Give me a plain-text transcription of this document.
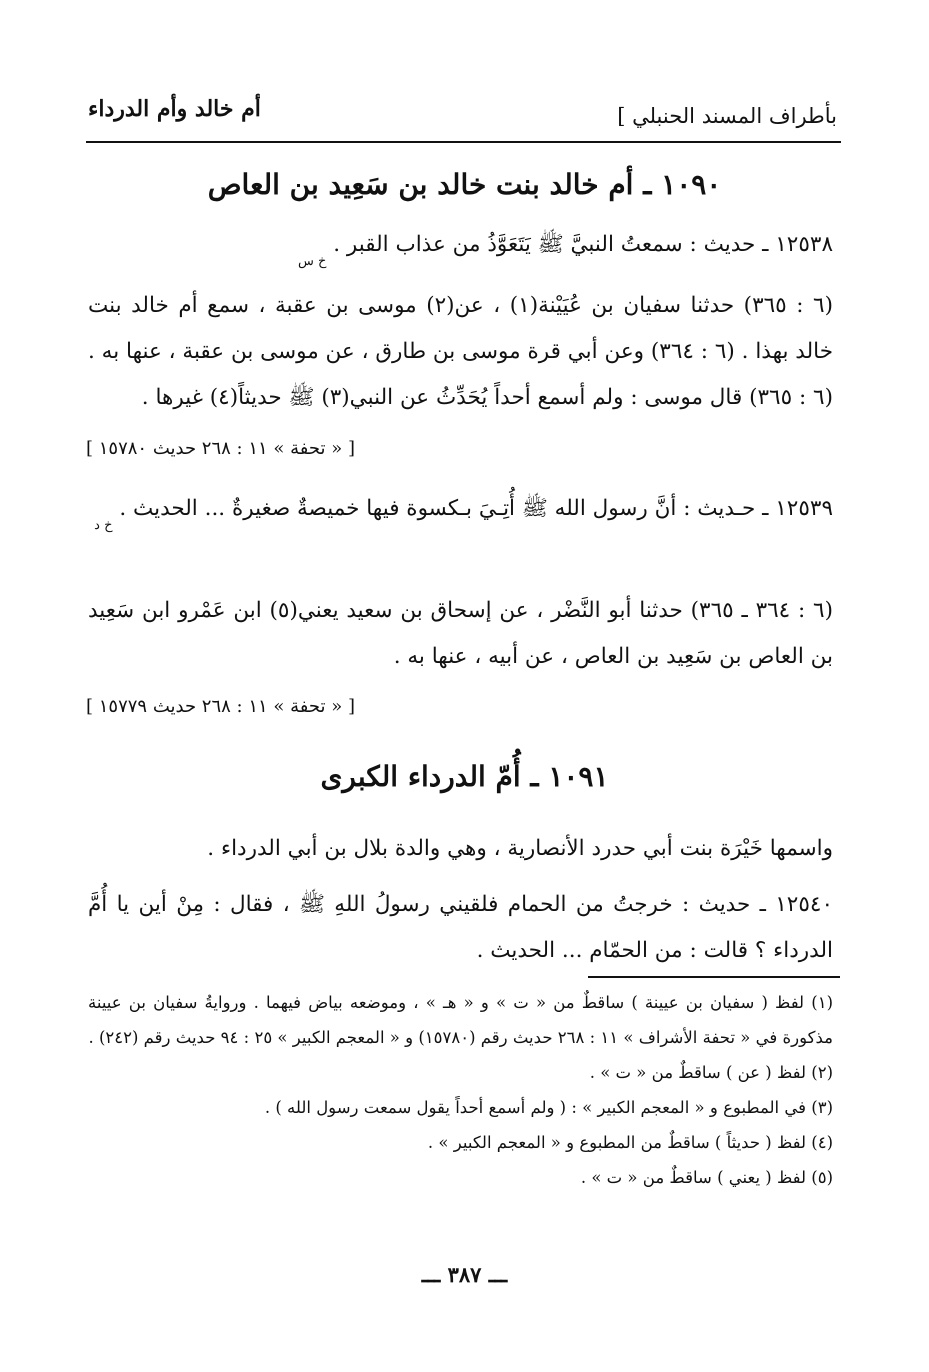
أم خالد وأم الدرداء	بأطراف المسند الحنبلي ]
١٠٩٠ ـ أم خالد بنت خالد بن سَعِيد بن العاص
١٢٥٣٨ ـ حديث : سمعتُ النبيَّ ﷺ يَتَعَوَّذُ من عذاب القبر . خ س
(٦ : ٣٦٥) حدثنا سفيان بن عُيَيْنة(١) ، عن(٢) موسى بن عقبة ، سمع أم خالد بنت خالد بهذا . (٦ : ٣٦٤) وعن أبي قرة موسى بن طارق ، عن موسى بن عقبة ، عنها به . (٦ : ٣٦٥) قال موسى : ولم أسمع أحداً يُحَدِّثُ عن النبي(٣) ﷺ حديثاً(٤) غيرها .
[ « تحفة » ١١ : ٢٦٨ حديث ١٥٧٨٠ ]
١٢٥٣٩ ـ حـديث : أنَّ رسول الله ﷺ أُتِـيَ بـكسوة فيها خميصةٌ صغيرةٌ ... الحديث . خ د
(٦ : ٣٦٤ ـ ٣٦٥) حدثنا أبو النَّضْر ، عن إسحاق بن سعيد يعني(٥) ابن عَمْرو ابن سَعِيد بن العاص بن سَعِيد بن العاص ، عن أبيه ، عنها به .
[ « تحفة » ١١ : ٢٦٨ حديث ١٥٧٧٩ ]
١٠٩١ ـ أُمّ الدرداء الكبرى
واسمها خَيْرَة بنت أبي حدرد الأنصارية ، وهي والدة بلال بن أبي الدرداء .
١٢٥٤٠ ـ حديث : خرجتُ من الحمام فلقيني رسولُ اللهِ ﷺ ، فقال : مِنْ أين يا أُمَّ الدرداء ؟ قالت : من الحمّام ... الحديث .
(١) لفظ ( سفيان بن عيينة ) ساقطٌ من « ت » و « هـ » ، وموضعه بياض فيهما . وروايةُ سفيان بن عيينة مذكورة في « تحفة الأشراف » ١١ : ٢٦٨ حديث رقم (١٥٧٨٠) و « المعجم الكبير » ٢٥ : ٩٤ حديث رقم (٢٤٢) .
(٢) لفظ ( عن ) ساقطٌ من « ت » .
(٣) في المطبوع و « المعجم الكبير » : ( ولم أسمع أحداً يقول سمعت رسول الله ) .
(٤) لفظ ( حديثاً ) ساقطٌ من المطبوع و « المعجم الكبير » .
(٥) لفظ ( يعني ) ساقطٌ من « ت » .
ـــ ٣٨٧ ـــ
